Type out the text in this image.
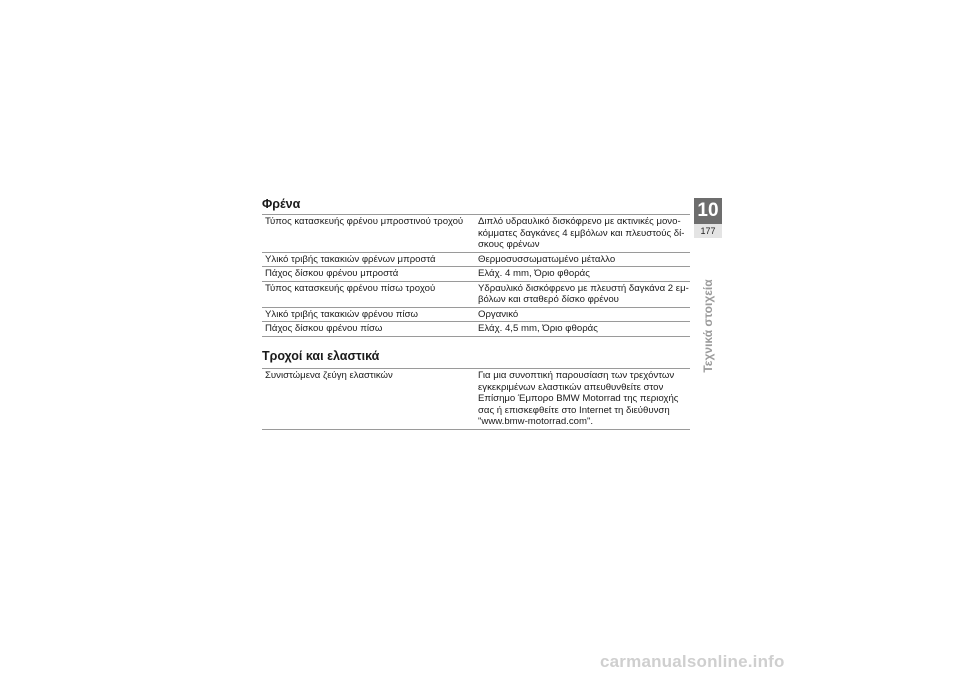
Φρένα
Τύπος κατασκευής φρένου μπροστινού τροχού	Διπλό υδραυλικό δισκόφρενο με ακτινικές μονο-
κόμματες δαγκάνες 4 εμβόλων και πλευστούς δί-
σκους φρένων
Υλικό τριβής τακακιών φρένων μπροστά	Θερμοσυσσωματωμένο μέταλλο
Πάχος δίσκου φρένου μπροστά	Ελάχ. 4 mm, Όριο φθοράς
Τύπος κατασκευής φρένου πίσω τροχού	Υδραυλικό δισκόφρενο με πλευστή δαγκάνα 2 εμ-
βόλων και σταθερό δίσκο φρένου
Υλικό τριβής τακακιών φρένου πίσω	Οργανικό
Πάχος δίσκου φρένου πίσω	Ελάχ. 4,5 mm, Όριο φθοράς
Τροχοί και ελαστικά
Συνιστώμενα ζεύγη ελαστικών	Για μια συνοπτική παρουσίαση των τρεχόντων
εγκεκριμένων ελαστικών απευθυνθείτε στον
Επίσημο Έμπορο BMW Motorrad της περιοχής
σας ή επισκεφθείτε στο Internet τη διεύθυνση
"www.bmw-motorrad.com".
10
177
Τεχνικά στοιχεία
carmanualsonline.info
